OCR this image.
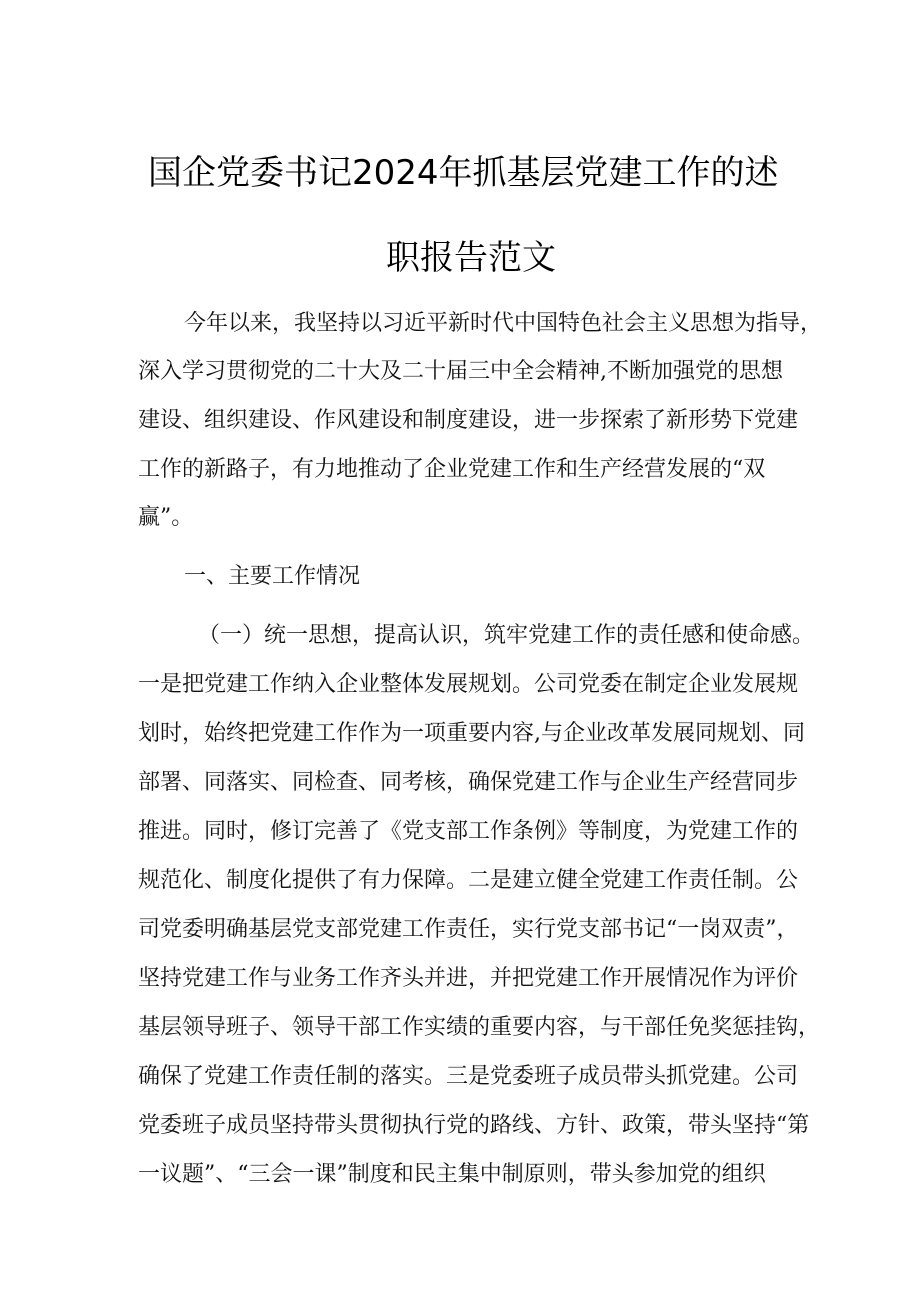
国企党委书记2024年抓基层党建工作的述
职报告范文

今年以来，我坚持以习近平新时代中国特色社会主义思想为指导，

深入学习贯彻党的二十大及二十届三中全会精神,不断加强党的思想

建设、组织建设、作风建设和制度建设，进一步探索了新形势下党建

工作的新路子，有力地推动了企业党建工作和生产经营发展的“双

赢”。

一、主要工作情况

（一）统一思想，提高认识，筑牢党建工作的责任感和使命感。

一是把党建工作纳入企业整体发展规划。公司党委在制定企业发展规

划时，始终把党建工作作为一项重要内容,与企业改革发展同规划、同

部署、同落实、同检查、同考核，确保党建工作与企业生产经营同步

推进。同时，修订完善了《党支部工作条例》等制度，为党建工作的

规范化、制度化提供了有力保障。二是建立健全党建工作责任制。公

司党委明确基层党支部党建工作责任，实行党支部书记“一岗双责”，

坚持党建工作与业务工作齐头并进，并把党建工作开展情况作为评价

基层领导班子、领导干部工作实绩的重要内容，与干部任免奖惩挂钩，

确保了党建工作责任制的落实。三是党委班子成员带头抓党建。公司

党委班子成员坚持带头贯彻执行党的路线、方针、政策，带头坚持“第

一议题”、“三会一课”制度和民主集中制原则，带头参加党的组织
